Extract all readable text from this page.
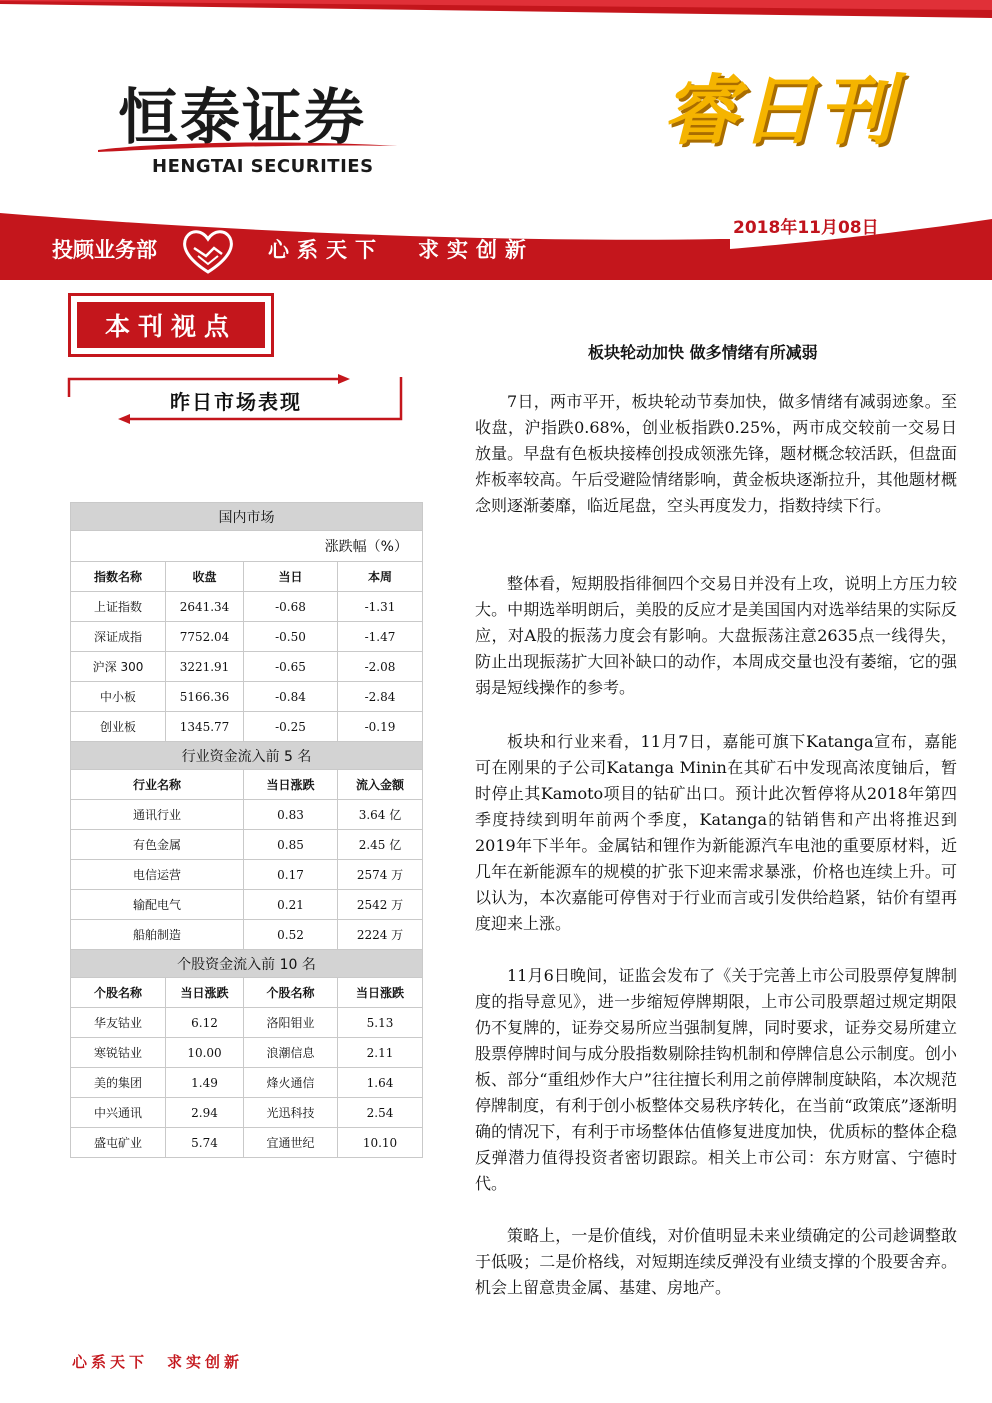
恒泰证券
HENGTAI SECURITIES
睿日刊
2018年11月08日
投顾业务部	心系天下 求实创新
本刊视点
昨日市场表现
国内市场			
涨跌幅（%）			
指数名称	收盘	当日	本周
上证指数	2641.34	-0.68	-1.31
深证成指	7752.04	-0.50	-1.47
沪深 300	3221.91	-0.65	-2.08
中小板	5166.36	-0.84	-2.84
创业板	1345.77	-0.25	-0.19
行业资金流入前 5 名			
行业名称		当日涨跌	流入金额
通讯行业		0.83	3.64 亿
有色金属		0.85	2.45 亿
电信运营		0.17	2574 万
输配电气		0.21	2542 万
船舶制造		0.52	2224 万
个股资金流入前 10 名			
个股名称	当日涨跌	个股名称	当日涨跌
华友钴业	6.12	洛阳钼业	5.13
寒锐钴业	10.00	浪潮信息	2.11
美的集团	1.49	烽火通信	1.64
中兴通讯	2.94	光迅科技	2.54
盛屯矿业	5.74	宜通世纪	10.10
板块轮动加快 做多情绪有所减弱

7日，两市平开，板块轮动节奏加快，做多情绪有减弱迹象。至收盘，沪指跌0.68%，创业板指跌0.25%，两市成交较前一交易日放量。早盘有色板块接棒创投成领涨先锋，题材概念较活跃，但盘面炸板率较高。午后受避险情绪影响，黄金板块逐渐拉升，其他题材概念则逐渐萎靡，临近尾盘，空头再度发力，指数持续下行。

整体看，短期股指徘徊四个交易日并没有上攻，说明上方压力较大。中期选举明朗后，美股的反应才是美国国内对选举结果的实际反应，对A股的振荡力度会有影响。大盘振荡注意2635点一线得失，防止出现振荡扩大回补缺口的动作，本周成交量也没有萎缩，它的强弱是短线操作的参考。

板块和行业来看，11月7日，嘉能可旗下Katanga宣布，嘉能可在刚果的子公司Katanga Minin在其矿石中发现高浓度铀后，暂时停止其Kamoto项目的钴矿出口。预计此次暂停将从2018年第四季度持续到明年前两个季度，Katanga的钴销售和产出将推迟到2019年下半年。金属钴和锂作为新能源汽车电池的重要原材料，近几年在新能源车的规模的扩张下迎来需求暴涨，价格也连续上升。可以认为，本次嘉能可停售对于行业而言或引发供给趋紧，钴价有望再度迎来上涨。

11月6日晚间，证监会发布了《关于完善上市公司股票停复牌制度的指导意见》，进一步缩短停牌期限，上市公司股票超过规定期限仍不复牌的，证券交易所应当强制复牌，同时要求，证券交易所建立股票停牌时间与成分股指数剔除挂钩机制和停牌信息公示制度。创小板、部分“重组炒作大户”往往擅长利用之前停牌制度缺陷，本次规范停牌制度，有利于创小板整体交易秩序转化，在当前“政策底”逐渐明确的情况下，有利于市场整体估值修复进度加快，优质标的整体企稳反弹潜力值得投资者密切跟踪。相关上市公司：东方财富、宁德时代。

策略上，一是价值线，对价值明显未来业绩确定的公司趁调整敢于低吸；二是价格线，对短期连续反弹没有业绩支撑的个股要舍弃。机会上留意贵金属、基建、房地产。

心系天下　求实创新
